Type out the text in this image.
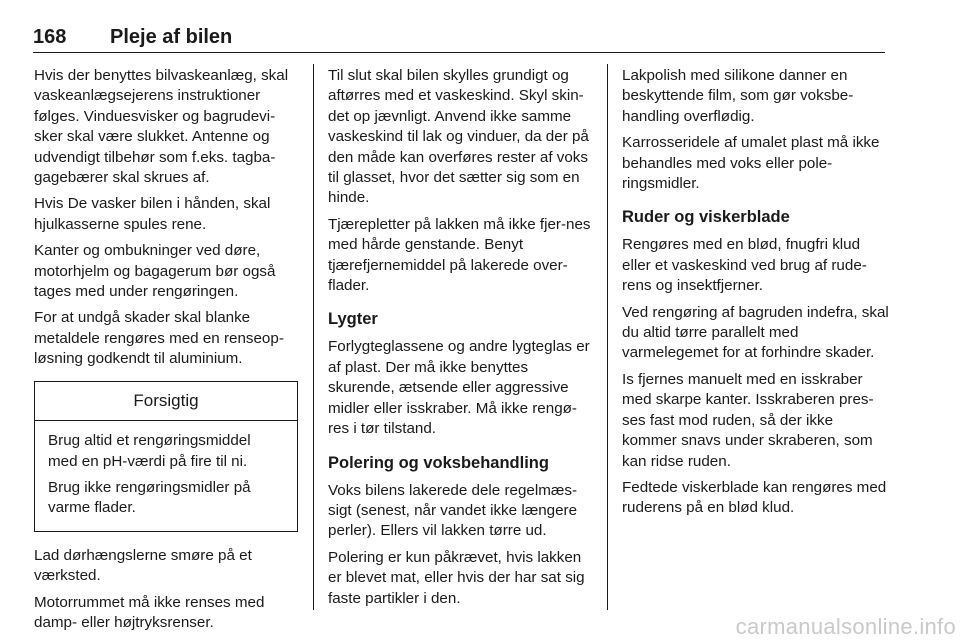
168 Pleje af bilen

Hvis der benyttes bilvaskeanlæg, skal vaskeanlægsejerens instruktioner følges. Vinduesvisker og bagrudevi-sker skal være slukket. Antenne og udvendigt tilbehør som f.eks. tagba-gagebærer skal skrues af.

Hvis De vasker bilen i hånden, skal hjulkasserne spules rene.

Kanter og ombukninger ved døre, motorhjelm og bagagerum bør også tages med under rengøringen.

For at undgå skader skal blanke metaldele rengøres med en renseop-løsning godkendt til aluminium.

Forsigtig

Brug altid et rengøringsmiddel med en pH-værdi på fire til ni.

Brug ikke rengøringsmidler på varme flader.

Lad dørhængslerne smøre på et værksted.

Motorrummet må ikke renses med damp- eller højtryksrenser.

Til slut skal bilen skylles grundigt og aftørres med et vaskeskind. Skyl skin-det op jævnligt. Anvend ikke samme vaskeskind til lak og vinduer, da der på den måde kan overføres rester af voks til glasset, hvor det sætter sig som en hinde.

Tjærepletter på lakken må ikke fjer-nes med hårde genstande. Benyt tjærefjernemiddel på lakerede over-flader.

Lygter

Forlygteglassene og andre lygteglas er af plast. Der må ikke benyttes skurende, ætsende eller aggressive midler eller isskraber. Må ikke rengø-res i tør tilstand.

Polering og voksbehandling

Voks bilens lakerede dele regelmæs-sigt (senest, når vandet ikke længere perler). Ellers vil lakken tørre ud.

Polering er kun påkrævet, hvis lakken er blevet mat, eller hvis der har sat sig faste partikler i den.

Lakpolish med silikone danner en beskyttende film, som gør voksbe-handling overflødig.

Karrosseridele af umalet plast må ikke behandles med voks eller pole-ringsmidler.

Ruder og viskerblade

Rengøres med en blød, fnugfri klud eller et vaskeskind ved brug af rude-rens og insektfjerner.

Ved rengøring af bagruden indefra, skal du altid tørre parallelt med varmelegemet for at forhindre skader.

Is fjernes manuelt med en isskraber med skarpe kanter. Isskraberen pres-ses fast mod ruden, så der ikke kommer snavs under skraberen, som kan ridse ruden.

Fedtede viskerblade kan rengøres med ruderens på en blød klud.

carmanualsonline.info
